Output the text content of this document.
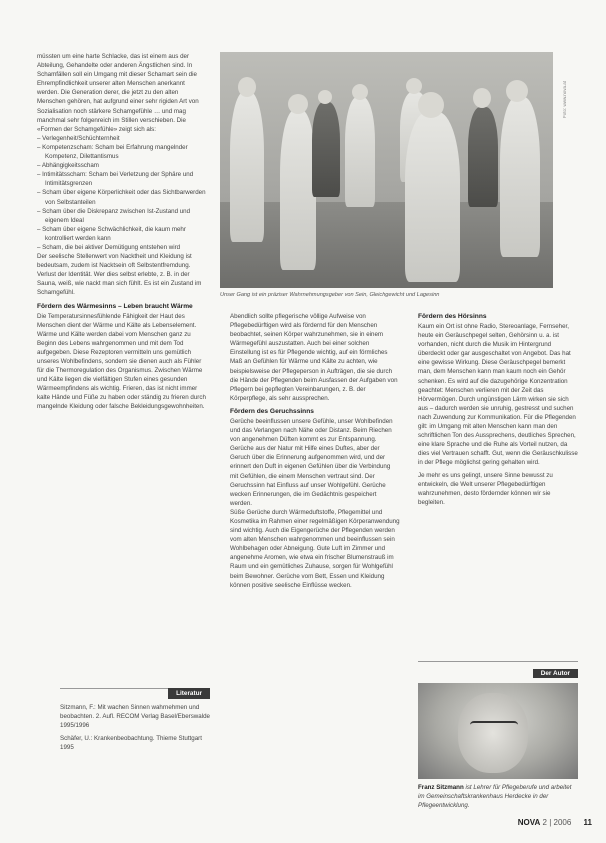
müssten um eine harte Schlacke, das ist einem aus der Abteilung, Gehandelte oder anderen Ängstlichen sind. In Schamfällen soll ein Umgang mit dieser Schamart sein die Ehrempfindlichkeit unserer alten Menschen anerkannt werden. Die Generation derer, die jetzt zu den alten Menschen gehören, hat aufgrund einer sehr rigiden Art von Sozialisation noch stärkere Schamgefühle … und mag manchmal sehr folgenreich im Stillen verschieben. Die «Formen der Schamgefühle» zeigt sich als:

– Verlegenheit/Schüchternheit
– Kompetenzscham: Scham bei Erfahrung mangelnder Kompetenz, Dilettantismus
– Abhängigkeitsscham
– Intimitätsscham: Scham bei Verletzung der Sphäre und Intimitätsgrenzen
– Scham über eigene Körperlichkeit oder das Sichtbarwerden von Selbstanteilen
– Scham über die Diskrepanz zwischen Ist-Zustand und eigenem Ideal
– Scham über eigene Schwächlichkeit, die kaum mehr kontrolliert werden kann
– Scham, die bei aktiver Demütigung entstehen wird

Der seelische Stellenwert von Nacktheit und Kleidung ist bedeutsam, zudem ist Nacktsein oft Selbstentfremdung. Verlust der Identität. Wer dies selbst erlebte, z. B. in der Sauna, weiß, wie nackt man sich fühlt. Es ist ein Zustand im Schamgefühl.

Fördern des Wärmesinns – Leben braucht Wärme

Die Temperatursinnesfühlende Fähigkeit der Haut des Menschen dient der Wärme und Kälte als Lebenselement. Wärme und Kälte werden dabei vom Menschen ganz zu Beginn des Lebens wahrgenommen und mit dem Tod aufgegeben. Diese Rezeptoren vermitteln uns gemütlich unseres Wohlbefindens, sondern sie dienen auch als Fühler für die Thermoregulation des Organismus. Zwischen Wärme und Kälte liegen die vielfältigen Stufen eines gesunden Wärmeempfindens als wichtig. Frieren, das ist nicht immer kalte Hände und Füße zu haben oder ständig zu frieren durch mangelnde Kleidung oder falsche Bekleidungsgewohnheiten.

Foto: www.nova.at
Unser Gang ist ein präziser Wahrnehmungsgeber von Sein, Gleichgewicht und Lagesinn

Abendlich sollte pflegerische völlige Aufweise von Pflegebedürftigen wird als fördernd für den Menschen beobachtet, seinen Körper wahrzunehmen, sie in einem Wärmegefühl auszustatten. Auch bei einer solchen Einstellung ist es für Pflegende wichtig, auf ein förmliches Maß an Gefühlen für Wärme und Kälte zu achten, wie beispielsweise der Pflegeperson in Aufträgen, die sie durch die Hände der Pflegenden beim Ausfassen der Aufgaben von Pflegern bei gepflegten Vereinbarungen, z. B. der Körperpflege, als sehr aussprechen.

Fördern des Geruchssinns

Gerüche beeinflussen unsere Gefühle, unser Wohlbefinden und das Verlangen nach Nähe oder Distanz. Beim Riechen von angenehmen Düften kommt es zur Entspannung. Gerüche aus der Natur mit Hilfe eines Duftes, aber der Geruch über die Erinnerung aufgenommen wird, und der erinnert den Duft in eigenen Gefühlen über die Verbindung mit Gefühlen, die einem Menschen vertraut sind. Der Geruchssinn hat Einfluss auf unser Wohlgefühl. Gerüche wecken Erinnerungen, die im Gedächtnis gespeichert werden.

Süße Gerüche durch Wärmeduftstoffe, Pflegemittel und Kosmetika im Rahmen einer regelmäßigen Körperanwendung sind wichtig. Auch die Eigengerüche der Pflegenden werden vom alten Menschen wahrgenommen und beeinflussen sein Wohlbehagen oder Abneigung. Gute Luft im Zimmer und angenehme Aromen, wie etwa ein frischer Blumenstrauß im Raum und ein gemütliches Zuhause, sorgen für Wohlgefühl beim Bewohner. Gerüche vom Bett, Essen und Kleidung können positive seelische Einflüsse wecken.

Fördern des Hörsinns

Kaum ein Ort ist ohne Radio, Stereoanlage, Fernseher, heute ein Geräuschpegel selten, Gehörsinn u. a. ist vorhanden, nicht durch die Musik im Hintergrund überdeckt oder gar ausgeschaltet von Angebot. Das hat eine gewisse Wirkung. Diese Geräuschpegel bemerkt man, dem Menschen kann man kaum noch ein Gehör schenken. Es wird auf die dazugehörige Konzentration geachtet: Menschen verlieren mit der Zeit das Hörvermögen. Durch ungünstigen Lärm wirken sie sich aus – dadurch werden sie unruhig, gestresst und suchen nach Zuwendung zur Kommunikation. Für die Pflegenden gilt: im Umgang mit alten Menschen kann man den schriftlichen Ton des Aussprechens, deutliches Sprechen, eine klare Sprache und die Ruhe als Vorteil nutzen, da dies viel Vertrauen schafft. Gut, wenn die Geräuschkulisse in der Pflege möglichst gering gehalten wird.

Je mehr es uns gelingt, unsere Sinne bewusst zu entwickeln, die Welt unserer Pflegebedürftigen wahrzunehmen, desto fördernder können wir sie begleiten.

Literatur

Sitzmann, F.: Mit wachen Sinnen wahrnehmen und beobachten. 2. Aufl. RECOM Verlag Basel/Eberswalde 1995/1996

Schäfer, U.: Krankenbeobachtung. Thieme Stuttgart 1995

Der Autor
Franz Sitzmann ist Lehrer für Pflegeberufe und arbeitet im Gemeinschaftskrankenhaus Herdecke in der Pflegeentwicklung.
NOVA 2 | 2006 11
